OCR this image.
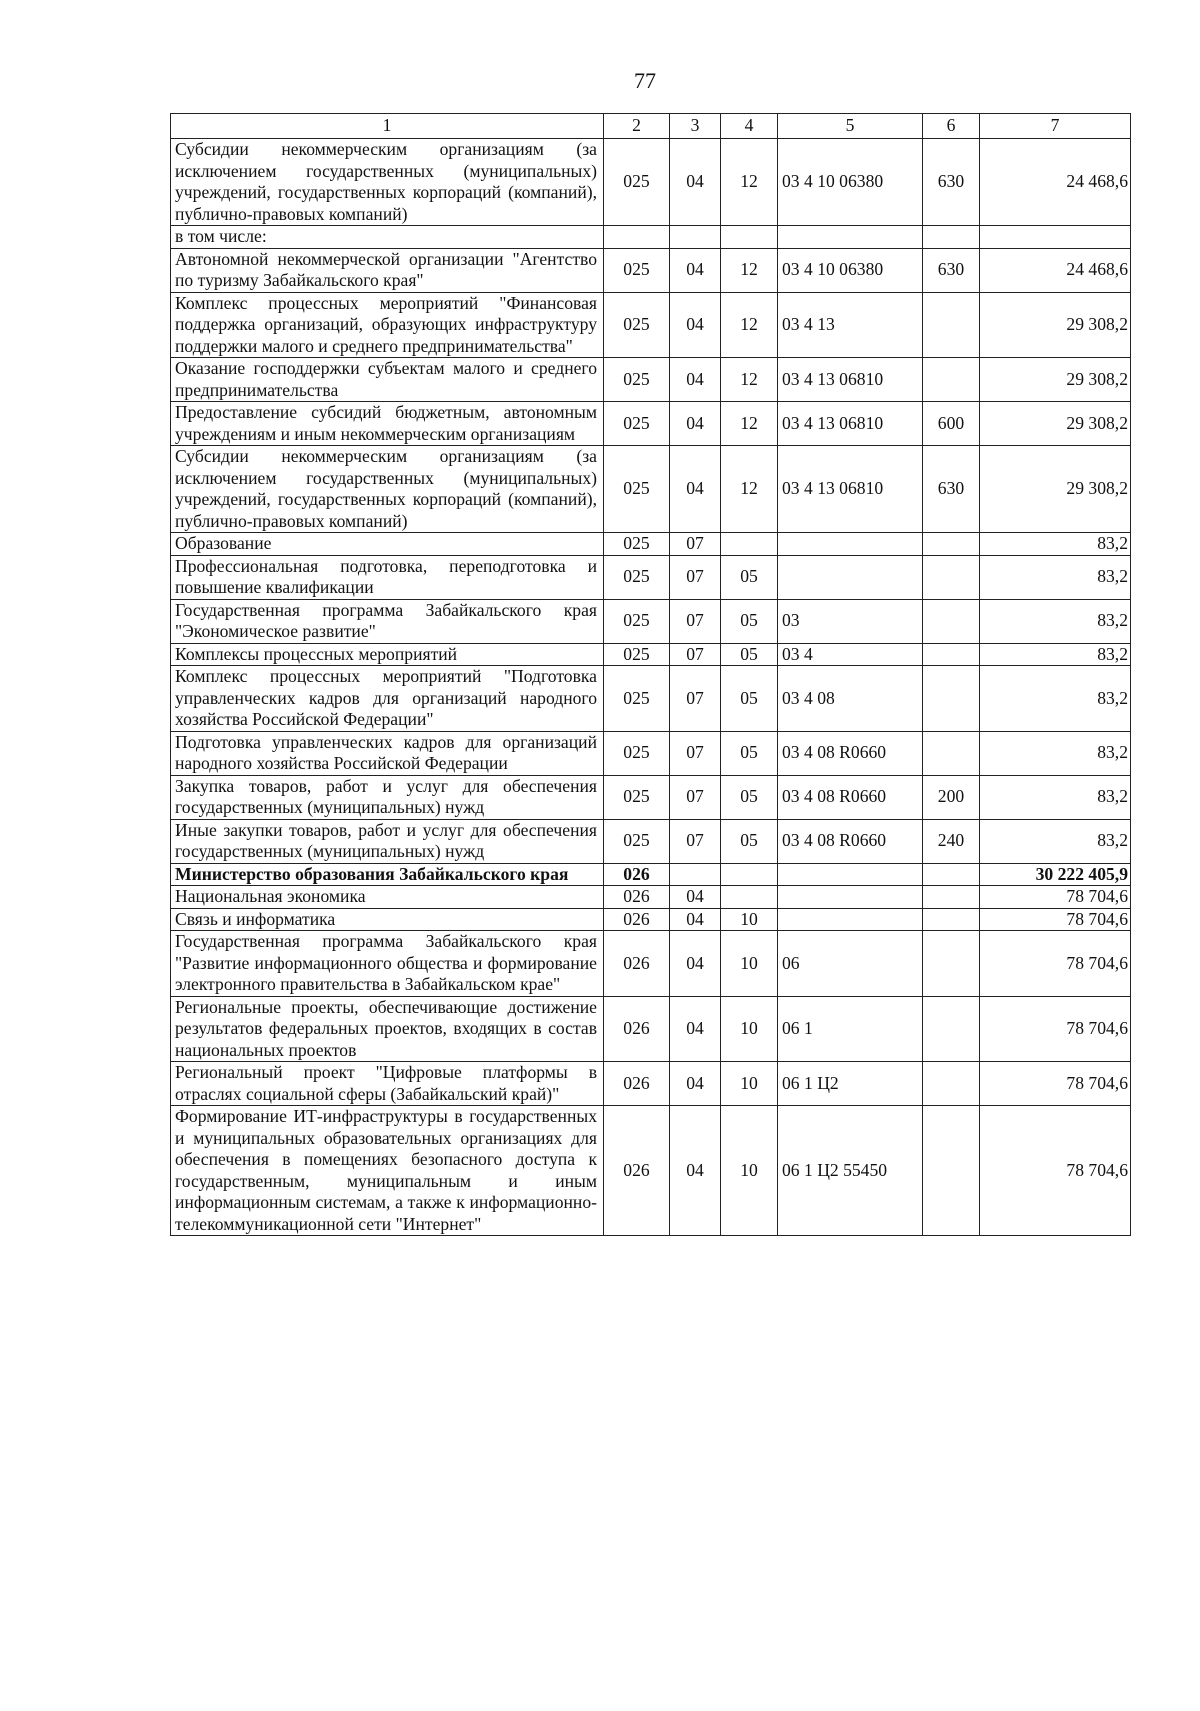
77
1	2	3	4	5	6	7
Субсидии некоммерческим организациям (за исключением государственных (муниципальных) учреждений, государственных корпораций (компаний), публично-правовых компаний)	025	04	12	03 4 10 06380	630	24 468,6
в том числе:						
Автономной некоммерческой организации "Агентство по туризму Забайкальского края"	025	04	12	03 4 10 06380	630	24 468,6
Комплекс процессных мероприятий "Финансовая поддержка организаций, образующих инфраструктуру поддержки малого и среднего предпринимательства"	025	04	12	03 4 13		29 308,2
Оказание господдержки субъектам малого и среднего предпринимательства	025	04	12	03 4 13 06810		29 308,2
Предоставление субсидий бюджетным, автономным учреждениям и иным некоммерческим организациям	025	04	12	03 4 13 06810	600	29 308,2
Субсидии некоммерческим организациям (за исключением государственных (муниципальных) учреждений, государственных корпораций (компаний), публично-правовых компаний)	025	04	12	03 4 13 06810	630	29 308,2
Образование	025	07				83,2
Профессиональная подготовка, переподготовка и повышение квалификации	025	07	05			83,2
Государственная программа Забайкальского края "Экономическое развитие"	025	07	05	03		83,2
Комплексы процессных мероприятий	025	07	05	03 4		83,2
Комплекс процессных мероприятий "Подготовка управленческих кадров для организаций народного хозяйства Российской Федерации"	025	07	05	03 4 08		83,2
Подготовка управленческих кадров для организаций народного хозяйства Российской Федерации	025	07	05	03 4 08 R0660		83,2
Закупка товаров, работ и услуг для обеспечения государственных (муниципальных) нужд	025	07	05	03 4 08 R0660	200	83,2
Иные закупки товаров, работ и услуг для обеспечения государственных (муниципальных) нужд	025	07	05	03 4 08 R0660	240	83,2
Министерство образования Забайкальского края	026					30 222 405,9
Национальная экономика	026	04				78 704,6
Связь и информатика	026	04	10			78 704,6
Государственная программа Забайкальского края "Развитие информационного общества и формирование электронного правительства в Забайкальском крае"	026	04	10	06		78 704,6
Региональные проекты, обеспечивающие достижение результатов федеральных проектов, входящих в состав национальных проектов	026	04	10	06 1		78 704,6
Региональный проект "Цифровые платформы в отраслях социальной сферы (Забайкальский край)"	026	04	10	06 1 Ц2		78 704,6
Формирование ИТ-инфраструктуры в государственных и муниципальных образовательных организациях для обеспечения в помещениях безопасного доступа к государственным, муниципальным и иным информационным системам, а также к информационно-телекоммуникационной сети "Интернет"	026	04	10	06 1 Ц2 55450		78 704,6
